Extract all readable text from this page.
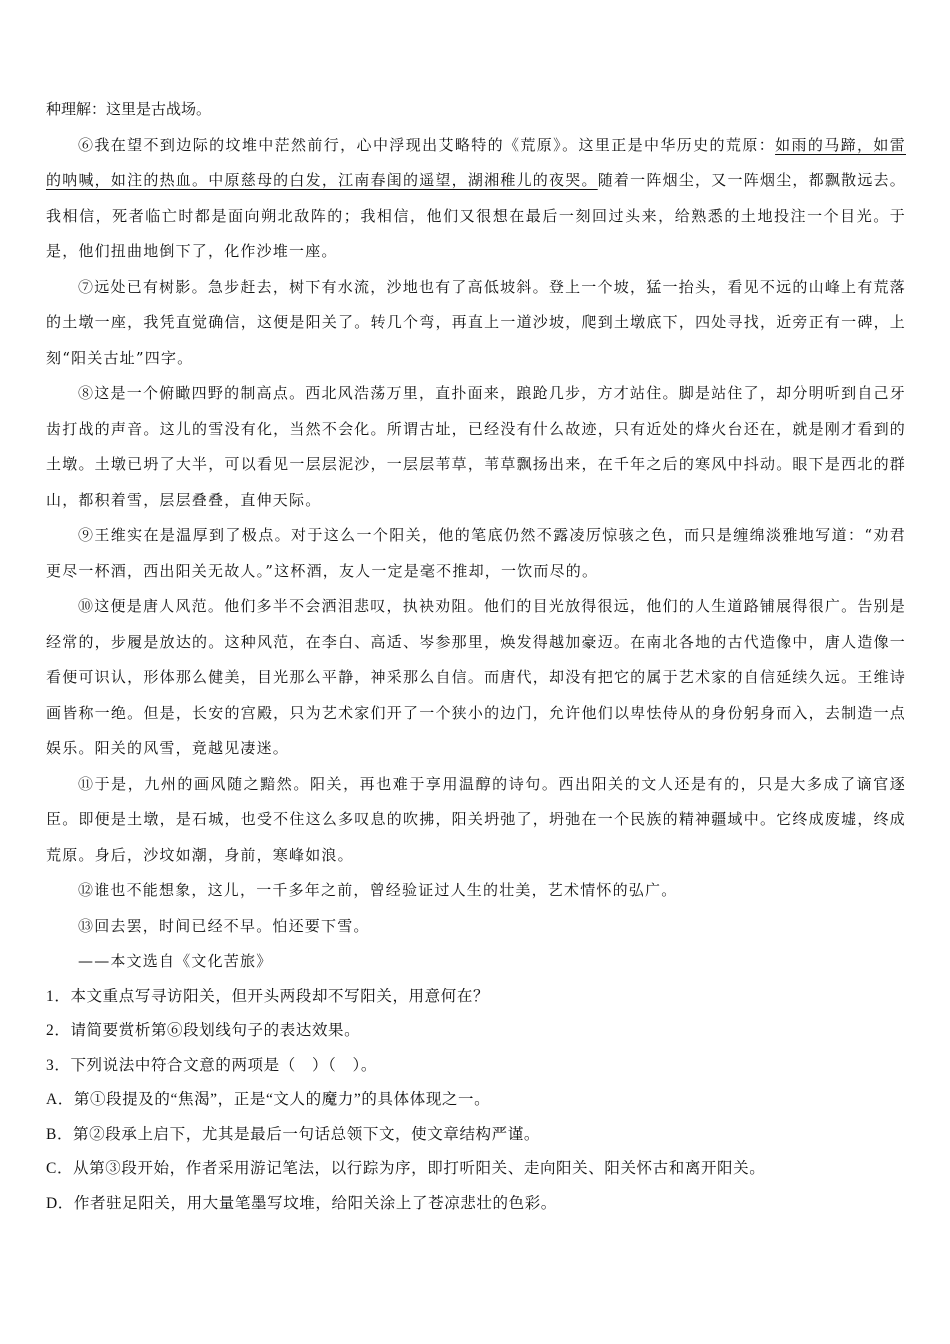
种理解：这里是古战场。

⑥我在望不到边际的坟堆中茫然前行，心中浮现出艾略特的《荒原》。这里正是中华历史的荒原：如雨的马蹄，如雷的呐喊，如注的热血。中原慈母的白发，江南春闺的遥望，湖湘稚儿的夜哭。随着一阵烟尘，又一阵烟尘，都飘散远去。我相信，死者临亡时都是面向朔北敌阵的；我相信，他们又很想在最后一刻回过头来，给熟悉的土地投注一个目光。于是，他们扭曲地倒下了，化作沙堆一座。

⑦远处已有树影。急步赶去，树下有水流，沙地也有了高低坡斜。登上一个坡，猛一抬头，看见不远的山峰上有荒落的土墩一座，我凭直觉确信，这便是阳关了。转几个弯，再直上一道沙坡，爬到土墩底下，四处寻找，近旁正有一碑，上刻“阳关古址”四字。

⑧这是一个俯瞰四野的制高点。西北风浩荡万里，直扑面来，踉跄几步，方才站住。脚是站住了，却分明听到自己牙齿打战的声音。这儿的雪没有化，当然不会化。所谓古址，已经没有什么故迹，只有近处的烽火台还在，就是刚才看到的土墩。土墩已坍了大半，可以看见一层层泥沙，一层层苇草，苇草飘扬出来，在千年之后的寒风中抖动。眼下是西北的群山，都积着雪，层层叠叠，直伸天际。

⑨王维实在是温厚到了极点。对于这么一个阳关，他的笔底仍然不露凌厉惊骇之色，而只是缠绵淡雅地写道：“劝君更尽一杯酒，西出阳关无故人。”这杯酒，友人一定是毫不推却，一饮而尽的。

⑩这便是唐人风范。他们多半不会洒泪悲叹，执袂劝阻。他们的目光放得很远，他们的人生道路铺展得很广。告别是经常的，步履是放达的。这种风范，在李白、高适、岑参那里，焕发得越加豪迈。在南北各地的古代造像中，唐人造像一看便可识认，形体那么健美，目光那么平静，神采那么自信。而唐代，却没有把它的属于艺术家的自信延续久远。王维诗画皆称一绝。但是，长安的宫殿，只为艺术家们开了一个狭小的边门，允许他们以卑怯侍从的身份躬身而入，去制造一点娱乐。阳关的风雪，竟越见凄迷。

⑪于是，九州的画风随之黯然。阳关，再也难于享用温醇的诗句。西出阳关的文人还是有的，只是大多成了谪官逐臣。即便是土墩，是石城，也受不住这么多叹息的吹拂，阳关坍弛了，坍弛在一个民族的精神疆域中。它终成废墟，终成荒原。身后，沙坟如潮，身前，寒峰如浪。

⑫谁也不能想象，这儿，一千多年之前，曾经验证过人生的壮美，艺术情怀的弘广。

⑬回去罢，时间已经不早。怕还要下雪。

——本文选自《文化苦旅》

1．本文重点写寻访阳关，但开头两段却不写阳关，用意何在？

2．请简要赏析第⑥段划线句子的表达效果。

3．下列说法中符合文意的两项是（　）（　）。

A．第①段提及的“焦渴”，正是“文人的魔力”的具体体现之一。

B．第②段承上启下，尤其是最后一句话总领下文，使文章结构严谨。

C．从第③段开始，作者采用游记笔法，以行踪为序，即打听阳关、走向阳关、阳关怀古和离开阳关。

D．作者驻足阳关，用大量笔墨写坟堆，给阳关涂上了苍凉悲壮的色彩。
